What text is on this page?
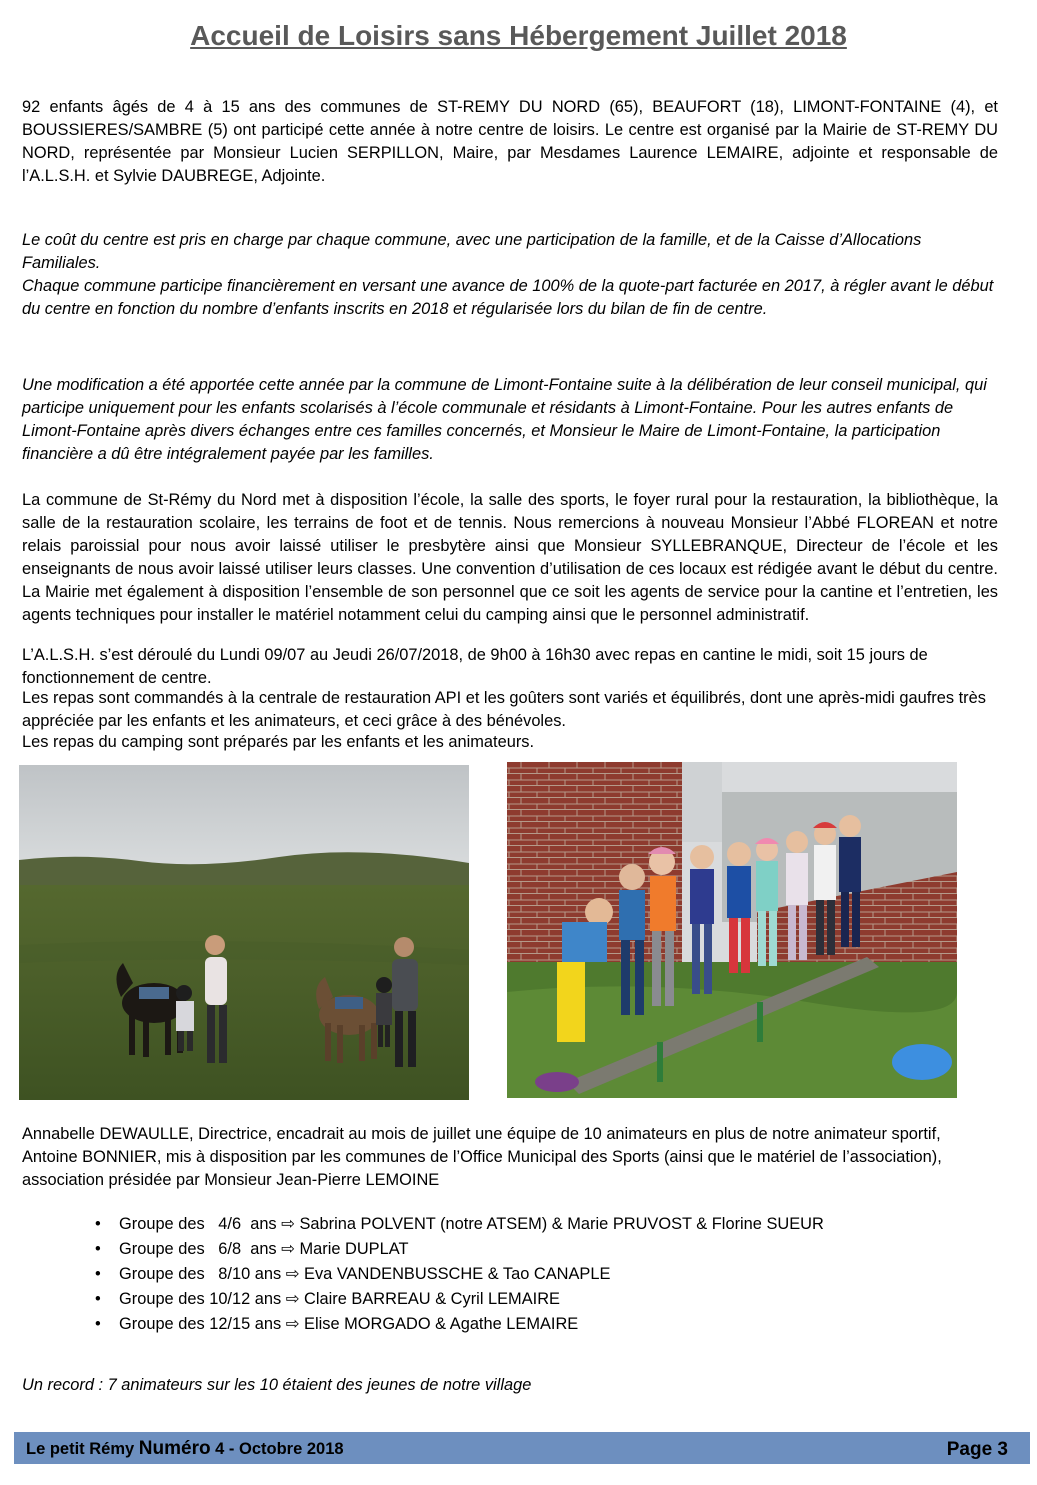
Accueil de Loisirs sans Hébergement Juillet 2018

92 enfants âgés de 4 à 15 ans des communes de ST-REMY DU NORD (65), BEAUFORT (18), LIMONT-FONTAINE (4), et BOUSSIERES/SAMBRE (5) ont participé cette année à notre centre de loisirs. Le centre est organisé par la Mairie de ST-REMY DU NORD, représentée par Monsieur Lucien SERPILLON, Maire, par Mesdames Laurence LEMAIRE, adjointe et responsable de l’A.L.S.H. et Sylvie DAUBREGE, Adjointe.

Le coût du centre est pris en charge par chaque commune, avec une participation de la famille, et de la Caisse d’Allocations Familiales.

Chaque commune participe financièrement en versant une avance de 100% de la quote-part facturée en 2017, à régler avant le début du centre en fonction du nombre d’enfants inscrits en 2018 et régularisée lors du bilan de fin de centre.

Une modification a été apportée cette année par la commune de Limont-Fontaine suite à la délibération de leur conseil municipal, qui participe uniquement pour les enfants scolarisés à l’école communale et résidants à Limont-Fontaine. Pour les autres enfants de Limont-Fontaine après divers échanges entre ces familles concernés, et Monsieur le Maire de Limont-Fontaine, la participation financière a dû être intégralement payée par les familles.

La commune de St-Rémy du Nord met à disposition l’école, la salle des sports, le foyer rural pour la restauration, la bibliothèque, la salle de la restauration scolaire, les terrains de foot et de tennis. Nous remercions à nouveau Monsieur l’Abbé FLOREAN et notre relais paroissial pour nous avoir laissé utiliser le presbytère ainsi que Monsieur SYLLEBRANQUE, Directeur de l’école et les enseignants de nous avoir laissé utiliser leurs classes. Une convention d’utilisation de ces locaux est rédigée avant le début du centre. La Mairie met également à disposition l’ensemble de son personnel que ce soit les agents de service pour la cantine et l’entretien, les agents techniques pour installer le matériel notamment celui du camping ainsi que le personnel administratif.

L’A.L.S.H. s’est déroulé du Lundi 09/07 au Jeudi 26/07/2018, de 9h00 à 16h30 avec repas en cantine le midi, soit 15 jours de fonctionnement de centre.

Les repas sont commandés à la centrale de restauration API et les goûters sont variés et équilibrés, dont une après-midi gaufres très appréciée par les enfants et les animateurs, et ceci grâce à des bénévoles.

Les repas du camping sont préparés par les enfants et les animateurs.

Annabelle DEWAULLE, Directrice, encadrait au mois de juillet une équipe de 10 animateurs en plus de notre animateur sportif, Antoine BONNIER, mis à disposition par les communes de l’Office Municipal des Sports (ainsi que le matériel de l’association), association présidée par Monsieur Jean-Pierre LEMOINE

• Groupe des   4/6  ans ⇨ Sabrina POLVENT (notre ATSEM) & Marie PRUVOST & Florine SUEUR
• Groupe des   6/8  ans ⇨ Marie DUPLAT
• Groupe des   8/10 ans ⇨ Eva VANDENBUSSCHE & Tao CANAPLE
• Groupe des 10/12 ans ⇨ Claire BARREAU & Cyril LEMAIRE
• Groupe des 12/15 ans ⇨ Elise MORGADO & Agathe LEMAIRE

Un record : 7 animateurs sur les 10 étaient des jeunes de notre village

Le petit Rémy Numéro 4 - Octobre 2018	Page 3
